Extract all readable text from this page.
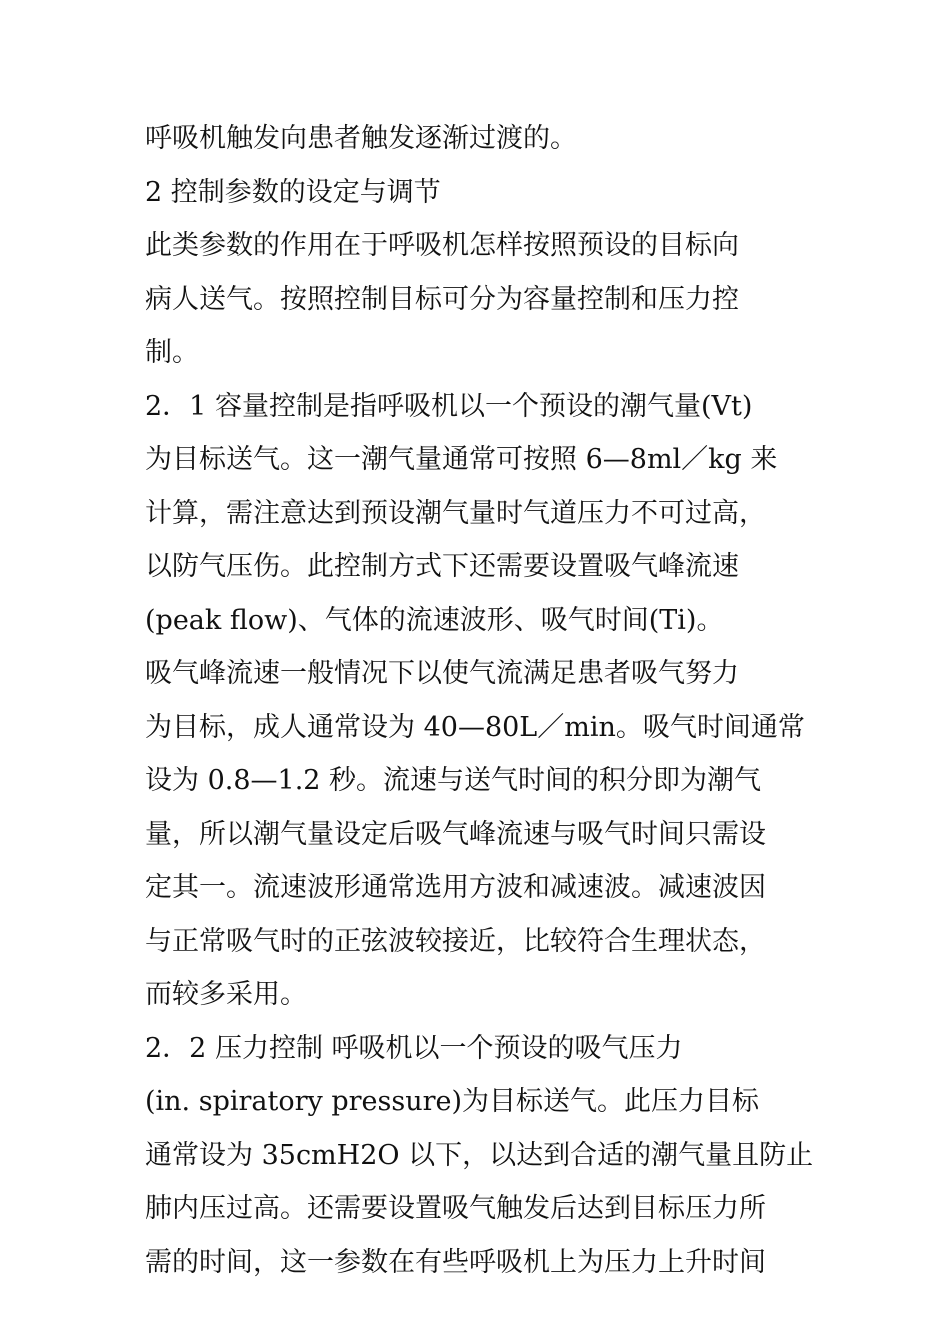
呼吸机触发向患者触发逐渐过渡的。
2 控制参数的设定与调节
此类参数的作用在于呼吸机怎样按照预设的目标向
病人送气。按照控制目标可分为容量控制和压力控
制。
2．1 容量控制是指呼吸机以一个预设的潮气量(Vt)
为目标送气。这一潮气量通常可按照 6—8ml／kg 来
计算，需注意达到预设潮气量时气道压力不可过高，
以防气压伤。此控制方式下还需要设置吸气峰流速
(peak flow)、气体的流速波形、吸气时间(Ti)。
吸气峰流速一般情况下以使气流满足患者吸气努力
为目标，成人通常设为 40—80L／min。吸气时间通常
设为 0.8—1.2 秒。流速与送气时间的积分即为潮气
量，所以潮气量设定后吸气峰流速与吸气时间只需设
定其一。流速波形通常选用方波和减速波。减速波因
与正常吸气时的正弦波较接近，比较符合生理状态，
而较多采用。
2．2 压力控制 呼吸机以一个预设的吸气压力
(in. spiratory pressure)为目标送气。此压力目标
通常设为 35cmH2O 以下，以达到合适的潮气量且防止
肺内压过高。还需要设置吸气触发后达到目标压力所
需的时间，这一参数在有些呼吸机上为压力上升时间
